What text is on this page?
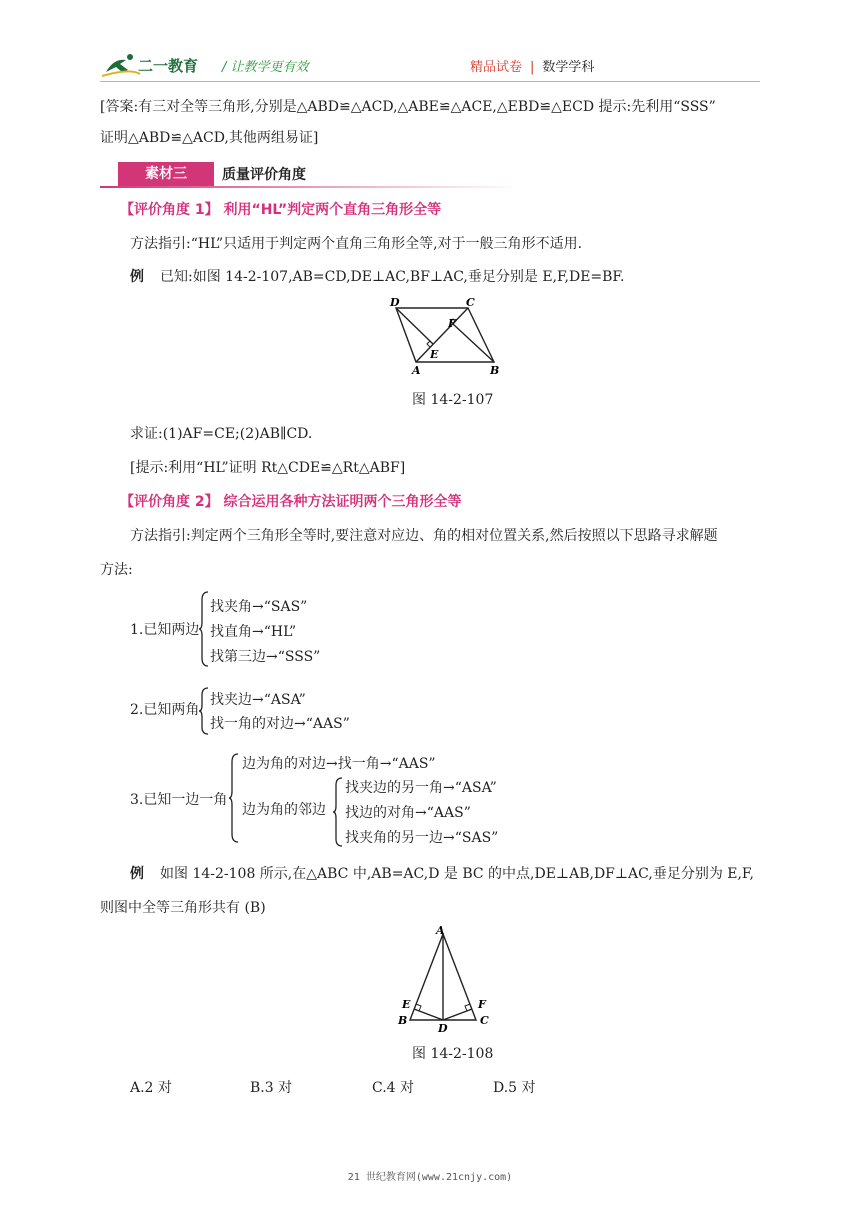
二一教育 / 让教学更有效	精品试卷 | 数学学科
[答案:有三对全等三角形,分别是△ABD≌△ACD,△ABE≌△ACE,△EBD≌△ECD 提示:先利用“SSS”
证明△ABD≌△ACD,其他两组易证]
素材三	质量评价角度
【评价角度 1】 利用“HL”判定两个直角三角形全等
方法指引:“HL”只适用于判定两个直角三角形全等,对于一般三角形不适用.
例 已知:如图 14-2-107,AB=CD,DE⊥AC,BF⊥AC,垂足分别是 E,F,DE=BF.
D	C
F
E
A	B
图 14-2-107
求证:(1)AF=CE;(2)AB∥CD.
[提示:利用“HL”证明 Rt△CDE≌△Rt△ABF]
【评价角度 2】 综合运用各种方法证明两个三角形全等
方法指引:判定两个三角形全等时,要注意对应边、角的相对位置关系,然后按照以下思路寻求解题
方法:
1.已知两边
找夹角→“SAS”
找直角→“HL”
找第三边→“SSS”
2.已知两角
找夹边→“ASA”
找一角的对边→“AAS”
3.已知一边一角
边为角的对边→找一角→“AAS”
边为角的邻边
找夹边的另一角→“ASA”
找边的对角→“AAS”
找夹角的另一边→“SAS”
例 如图 14-2-108 所示,在△ABC 中,AB=AC,D 是 BC 的中点,DE⊥AB,DF⊥AC,垂足分别为 E,F,
则图中全等三角形共有 (B)
A
E	F
B
D
C
图 14-2-108
A.2 对	B.3 对	C.4 对	D.5 对
21 世纪教育网(www.21cnjy.com)
